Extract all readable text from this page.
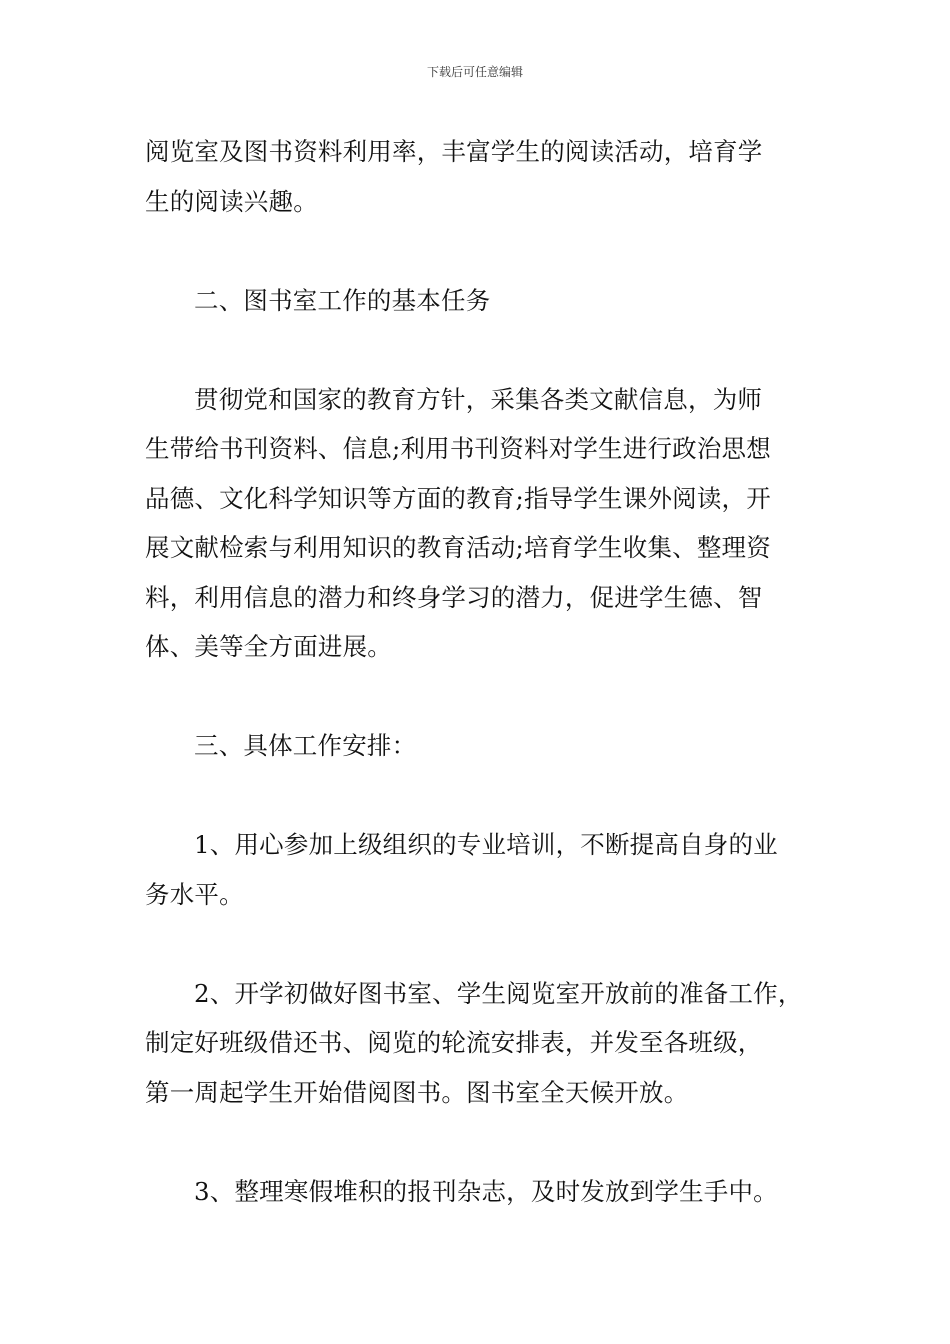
下载后可任意编辑

阅览室及图书资料利用率，丰富学生的阅读活动，培育学
生的阅读兴趣。

二、图书室工作的基本任务

贯彻党和国家的教育方针，采集各类文献信息，为师
生带给书刊资料、信息;利用书刊资料对学生进行政治思想
品德、文化科学知识等方面的教育;指导学生课外阅读，开
展文献检索与利用知识的教育活动;培育学生收集、整理资
料，利用信息的潜力和终身学习的潜力，促进学生德、智
体、美等全方面进展。

三、具体工作安排：

1、用心参加上级组织的专业培训，不断提高自身的业
务水平。

2、开学初做好图书室、学生阅览室开放前的准备工作，
制定好班级借还书、阅览的轮流安排表，并发至各班级，
第一周起学生开始借阅图书。图书室全天候开放。

3、整理寒假堆积的报刊杂志，及时发放到学生手中。
